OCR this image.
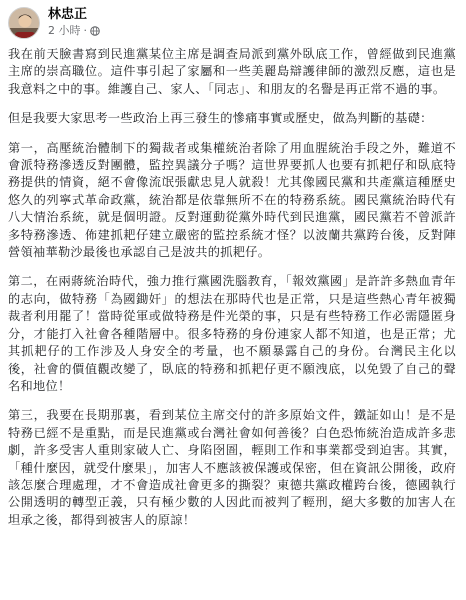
林忠正
2 小時 ·

我在前天臉書寫到民進黨某位主席是調查局派到黨外臥底工作，曾經做到民進黨主席的崇高職位。這件事引起了家屬和一些美麗島辯護律師的激烈反應，這也是我意料之中的事。維護自己、家人、「同志」、和朋友的名譽是再正常不過的事。

但是我要大家思考一些政治上再三發生的慘痛事實或歷史，做為判斷的基礎：

第一，高壓統治體制下的獨裁者或集權統治者除了用血腥統治手段之外，難道不會派特務滲透反對團體，監控異議分子嗎？這世界要抓人也要有抓耙仔和臥底特務提供的情資，絕不會像流氓張獻忠見人就殺！尤其像國民黨和共產黨這種歷史悠久的列寧式革命政黨，統治都是依靠無所不在的特務系統。國民黨統治時代有八大情治系統，就是個明證。反對運動從黨外時代到民進黨，國民黨若不曾派許多特務滲透、佈建抓耙仔建立嚴密的監控系統才怪？以波蘭共黨跨台後，反對陣營領袖華勒沙最後也承認自己是波共的抓耙仔。

第二，在兩蔣統治時代，強力推行黨國洗腦教育，「報效黨國」是許許多熱血青年的志向，做特務「為國鋤奸」的想法在那時代也是正常，只是這些熱心青年被獨裁者利用罷了！當時從軍或做特務是件光榮的事，只是有些特務工作必需隱匿身分，才能打入社會各種階層中。很多特務的身份連家人都不知道，也是正常；尤其抓耙仔的工作涉及人身安全的考量，也不願暴露自己的身份。台灣民主化以後，社會的價值觀改變了，臥底的特務和抓耙仔更不願洩底，以免毀了自己的聲名和地位！

第三，我要在長期那裏，看到某位主席交付的許多原始文件，鐵証如山！是不是特務已經不是重點，而是民進黨或台灣社會如何善後？白色恐怖統治造成許多悲劇，許多受害人重則家破人亡、身陷囹圄，輕則工作和事業都受到迫害。其實，「種什麼因，就受什麼果」，加害人不應該被保護或保密，但在資訊公開後，政府該怎麼合理處理，才不會造成社會更多的撕裂？東德共黨政權跨台後，德國執行公開透明的轉型正義，只有極少數的人因此而被判了輕刑，絕大多數的加害人在坦承之後，都得到被害人的原諒！
